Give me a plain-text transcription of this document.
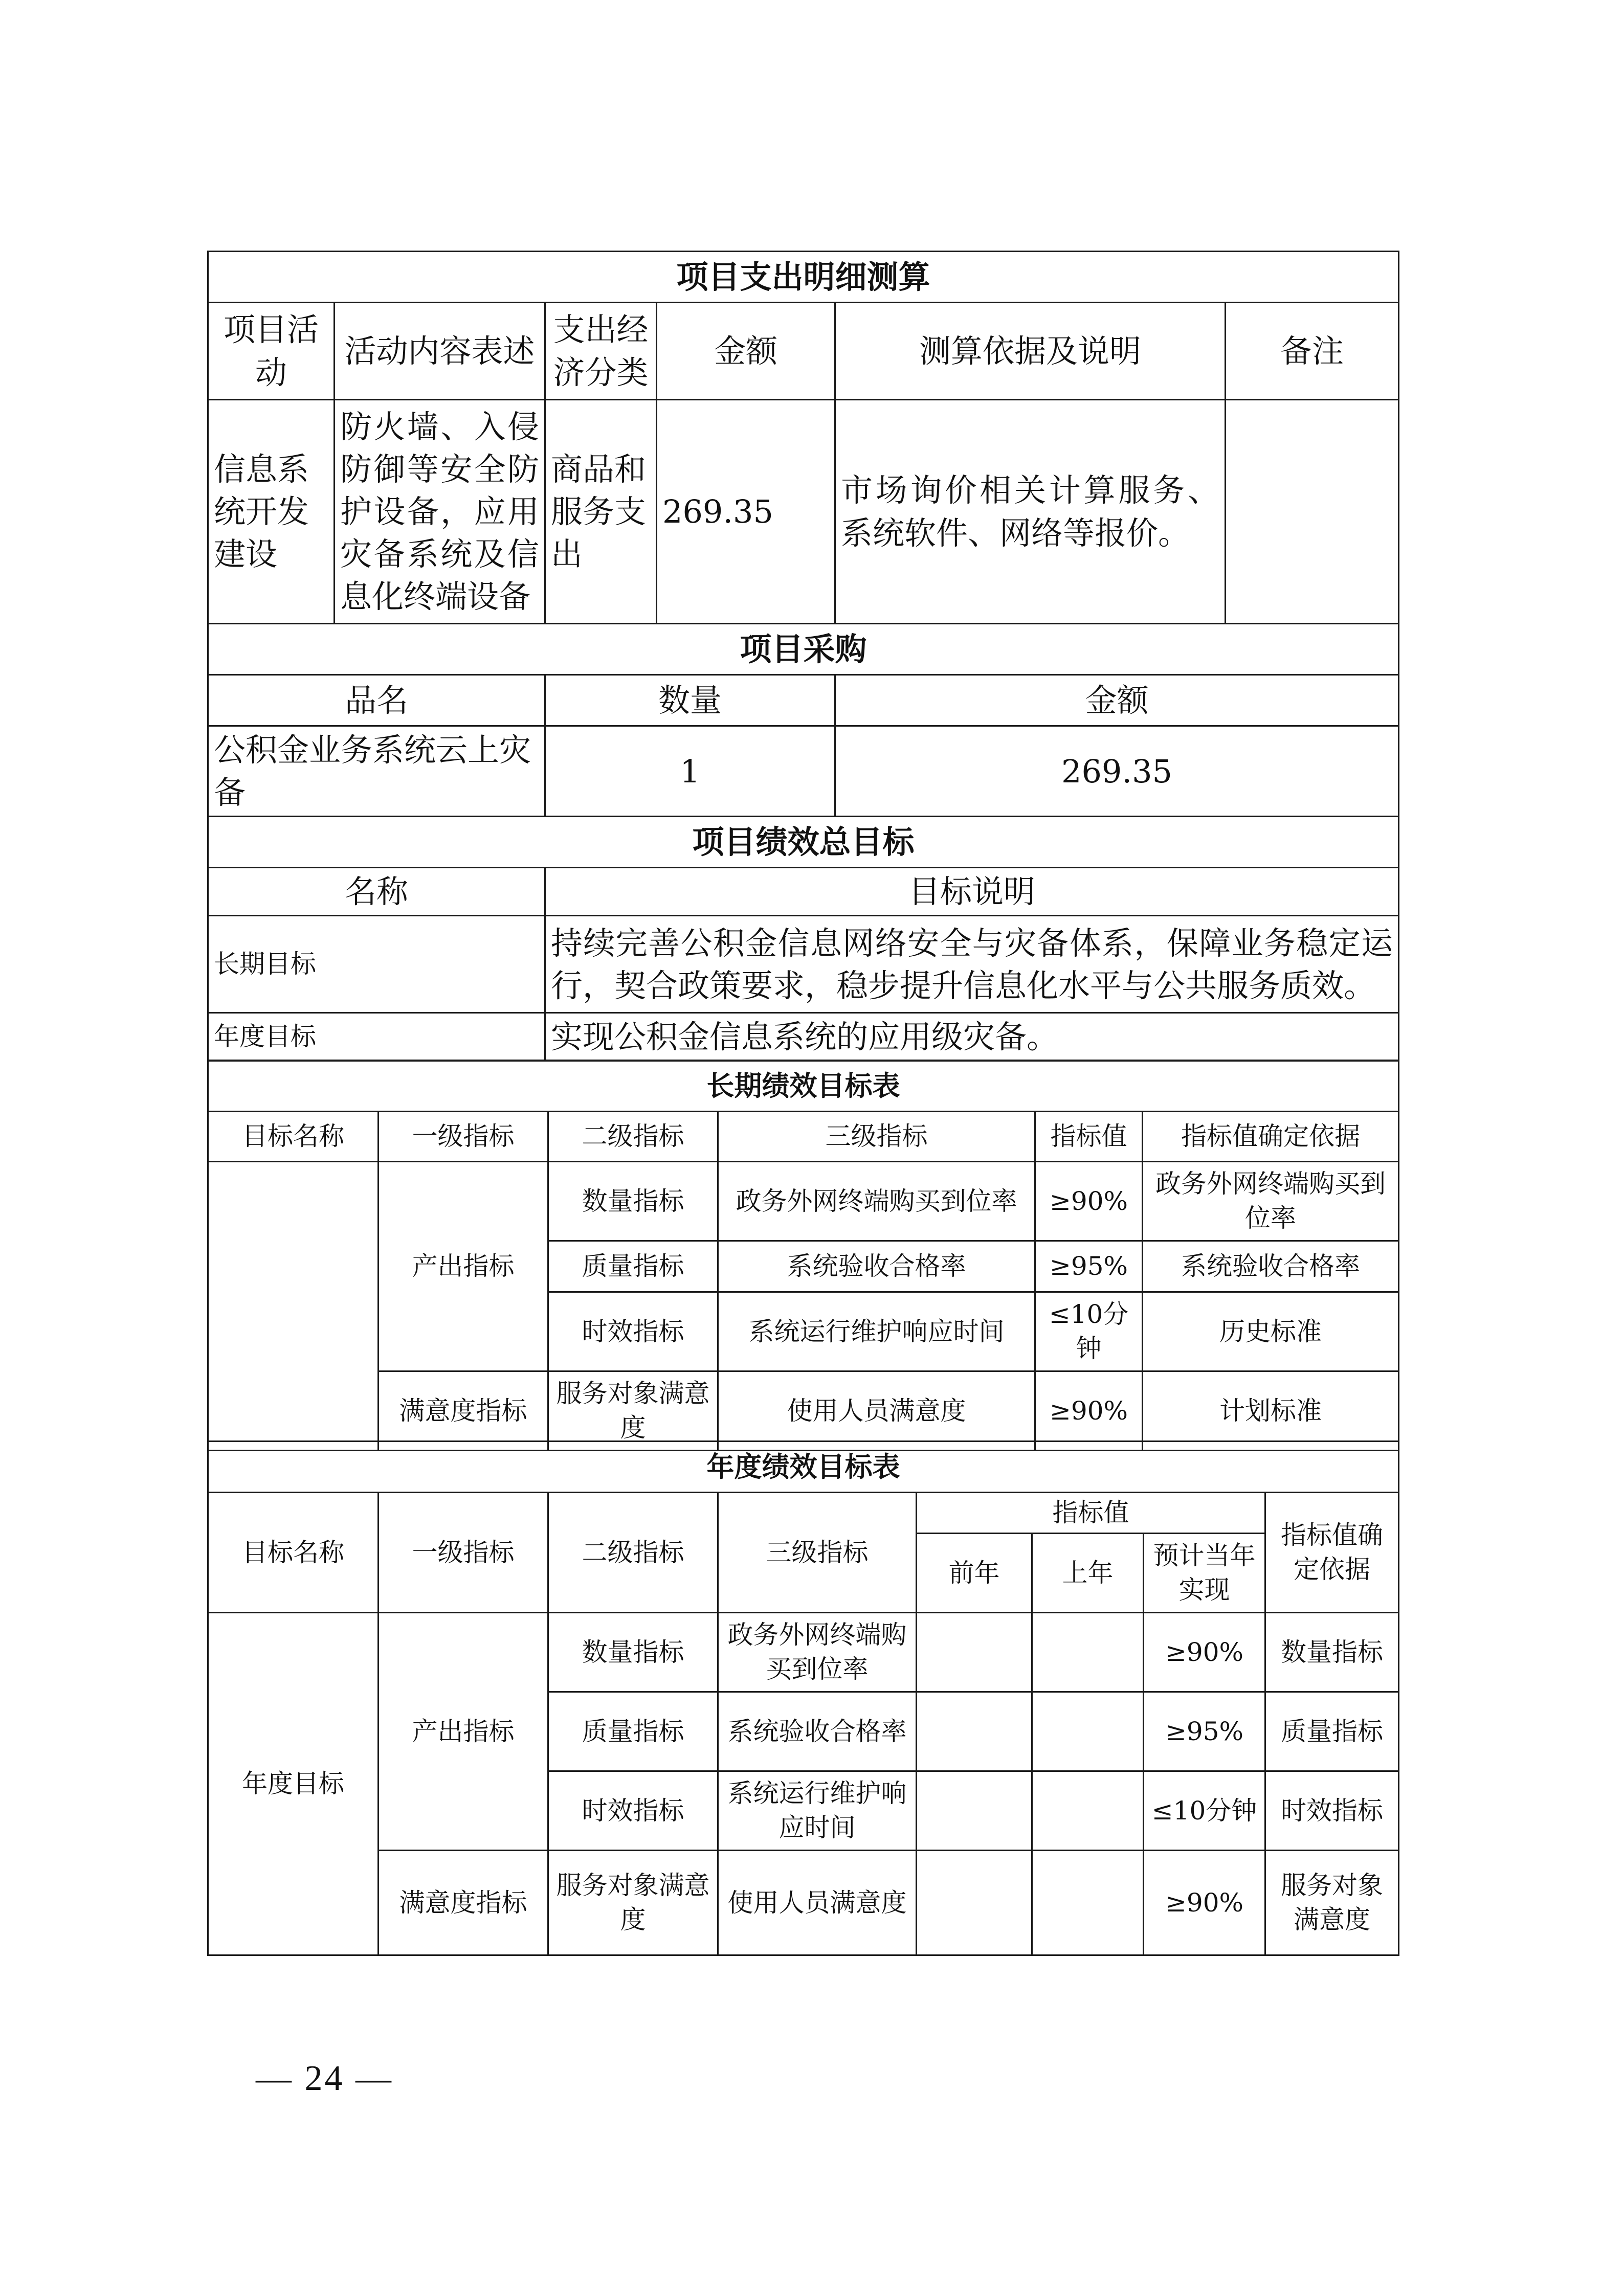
项目支出明细测算					
项目活动	活动内容表述	支出经济分类	金额	测算依据及说明	备注
信息系统开发建设	防火墙、入侵防御等安全防护设备，应用灾备系统及信息化终端设备	商品和服务支出	269.35	市场询价相关计算服务、系统软件、网络等报价。	
项目采购					
品名		数量		金额	
公积金业务系统云上灾备		1		269.35	
项目绩效总目标					
名称		目标说明			
长期目标		持续完善公积金信息网络安全与灾备体系，保障业务稳定运行，契合政策要求，稳步提升信息化水平与公共服务质效。			
年度目标		实现公积金信息系统的应用级灾备。			
长期绩效目标表					
目标名称	一级指标	二级指标	三级指标	指标值	指标值确定依据
	产出指标	数量指标	政务外网终端购买到位率	≥90%	政务外网终端购买到位率
		质量指标	系统验收合格率	≥95%	系统验收合格率
		时效指标	系统运行维护响应时间	≤10分钟	历史标准
	满意度指标	服务对象满意度	使用人员满意度	≥90%	计划标准
年度绩效目标表							
目标名称	一级指标	二级指标	三级指标	指标值			指标值确定依据
				前年	上年	预计当年实现	
年度目标	产出指标	数量指标	政务外网终端购买到位率			≥90%	数量指标
		质量指标	系统验收合格率			≥95%	质量指标
		时效指标	系统运行维护响应时间			≤10分钟	时效指标
	满意度指标	服务对象满意度	使用人员满意度			≥90%	服务对象满意度
— 24 —
